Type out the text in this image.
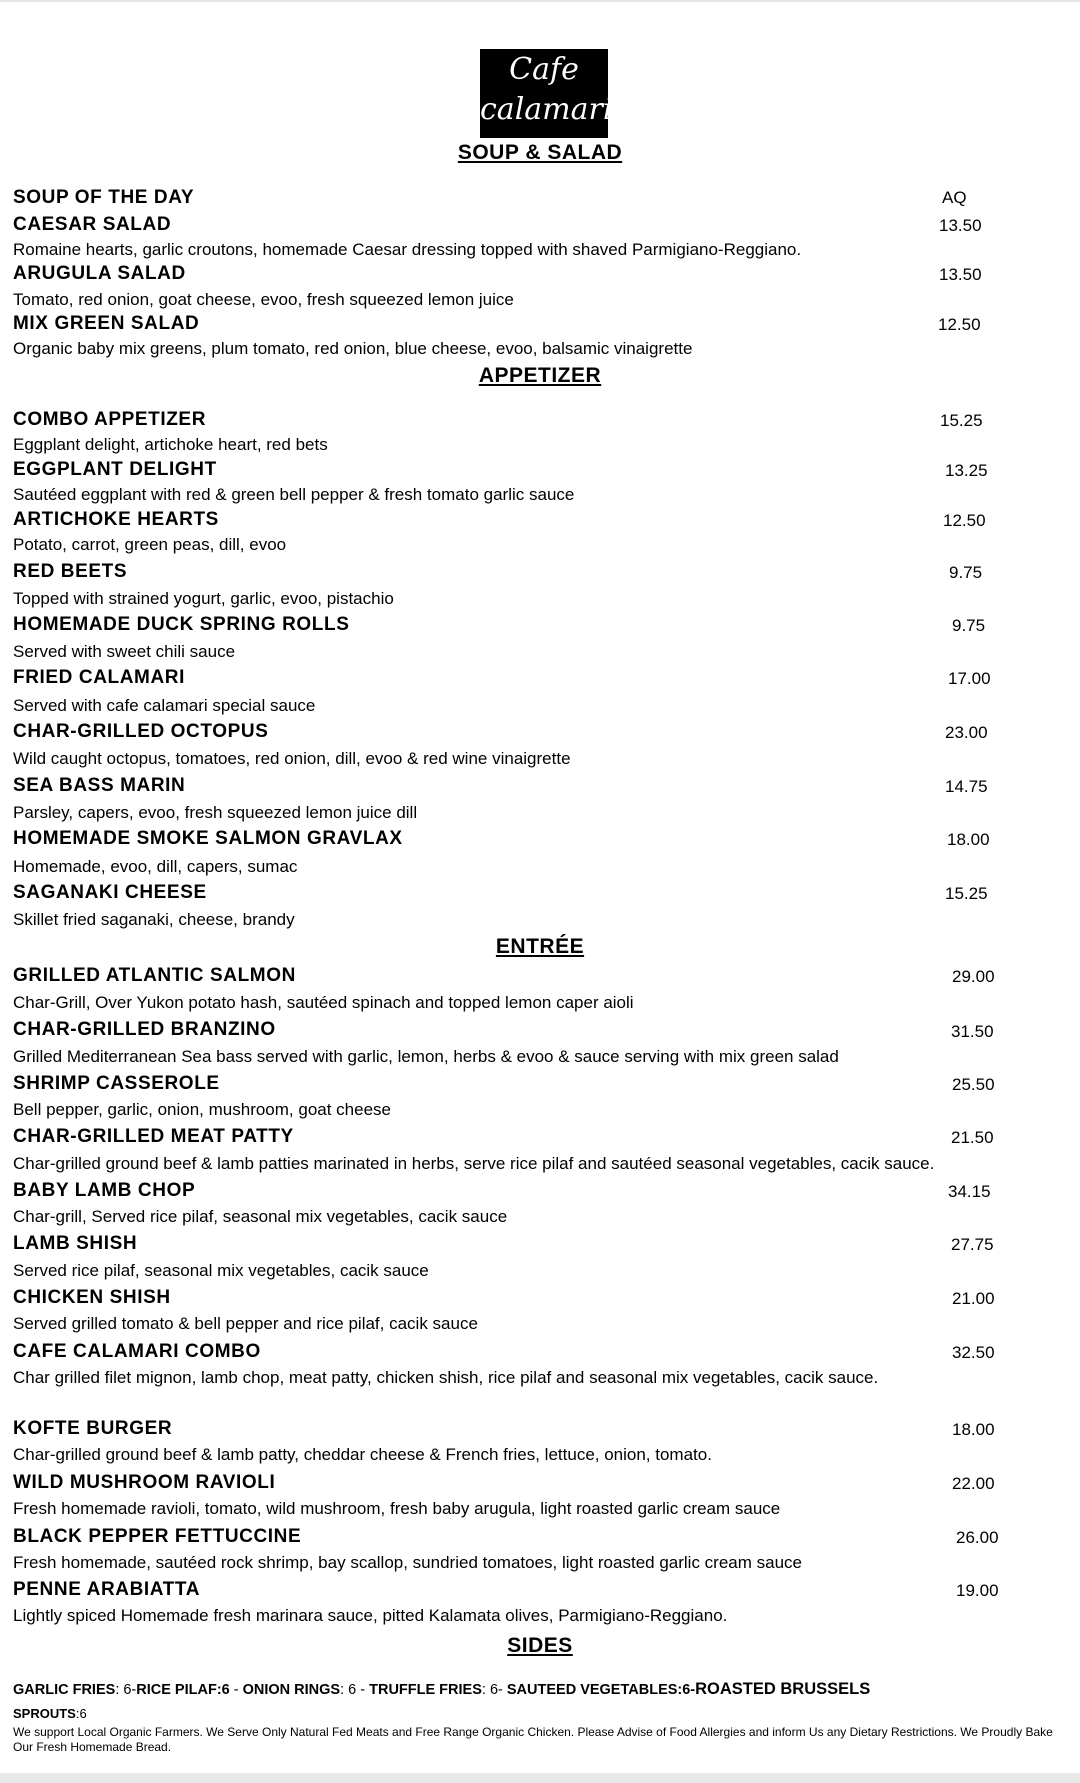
Cafe
calamari
SOUP & SALAD
SOUP OF THE DAY	AQ
CAESAR SALAD	13.50
Romaine hearts, garlic croutons, homemade Caesar dressing topped with shaved Parmigiano-Reggiano.
ARUGULA SALAD	13.50
Tomato, red onion, goat cheese, evoo, fresh squeezed lemon juice
MIX GREEN SALAD	12.50
Organic baby mix greens, plum tomato, red onion, blue cheese, evoo, balsamic vinaigrette
APPETIZER
COMBO APPETIZER	15.25
Eggplant delight, artichoke heart, red bets
EGGPLANT DELIGHT	13.25
Sautéed eggplant with red & green bell pepper & fresh tomato garlic sauce
ARTICHOKE HEARTS	12.50
Potato, carrot, green peas, dill, evoo
RED BEETS	9.75
Topped with strained yogurt, garlic, evoo, pistachio
HOMEMADE DUCK SPRING ROLLS	9.75
Served with sweet chili sauce
FRIED CALAMARI	17.00
Served with cafe calamari special sauce
CHAR-GRILLED OCTOPUS	23.00
Wild caught octopus, tomatoes, red onion, dill, evoo & red wine vinaigrette
SEA BASS MARIN	14.75
Parsley, capers, evoo, fresh squeezed lemon juice dill
HOMEMADE SMOKE SALMON GRAVLAX	18.00
Homemade, evoo, dill, capers, sumac
SAGANAKI CHEESE	15.25
Skillet fried saganaki, cheese, brandy
ENTRÉE
GRILLED ATLANTIC SALMON	29.00
Char-Grill, Over Yukon potato hash, sautéed spinach and topped lemon caper aioli
CHAR-GRILLED BRANZINO	31.50
Grilled Mediterranean Sea bass served with garlic, lemon, herbs & evoo & sauce serving with mix green salad
SHRIMP CASSEROLE	25.50
Bell pepper, garlic, onion, mushroom, goat cheese
CHAR-GRILLED MEAT PATTY	21.50
Char-grilled ground beef & lamb patties marinated in herbs, serve rice pilaf and sautéed seasonal vegetables, cacik sauce.
BABY LAMB CHOP	34.15
Char-grill, Served rice pilaf, seasonal mix vegetables, cacik sauce
LAMB SHISH	27.75
Served rice pilaf, seasonal mix vegetables, cacik sauce
CHICKEN SHISH	21.00
Served grilled tomato & bell pepper and rice pilaf, cacik sauce
CAFE CALAMARI COMBO	32.50
Char grilled filet mignon, lamb chop, meat patty, chicken shish, rice pilaf and seasonal mix vegetables, cacik sauce.
KOFTE BURGER	18.00
Char-grilled ground beef & lamb patty, cheddar cheese & French fries, lettuce, onion, tomato.
WILD MUSHROOM RAVIOLI	22.00
Fresh homemade ravioli, tomato, wild mushroom, fresh baby arugula, light roasted garlic cream sauce
BLACK PEPPER FETTUCCINE	26.00
Fresh homemade, sautéed rock shrimp, bay scallop, sundried tomatoes, light roasted garlic cream sauce
PENNE ARABIATTA	19.00
Lightly spiced Homemade fresh marinara sauce, pitted Kalamata olives, Parmigiano-Reggiano.
SIDES
GARLIC FRIES: 6-RICE PILAF:6 - ONION RINGS: 6 - TRUFFLE FRIES: 6- SAUTEED VEGETABLES:6-ROASTED BRUSSELS
SPROUTS:6
We support Local Organic Farmers. We Serve Only Natural Fed Meats and Free Range Organic Chicken. Please Advise of Food Allergies and inform Us any Dietary Restrictions. We Proudly Bake Our Fresh Homemade Bread.
